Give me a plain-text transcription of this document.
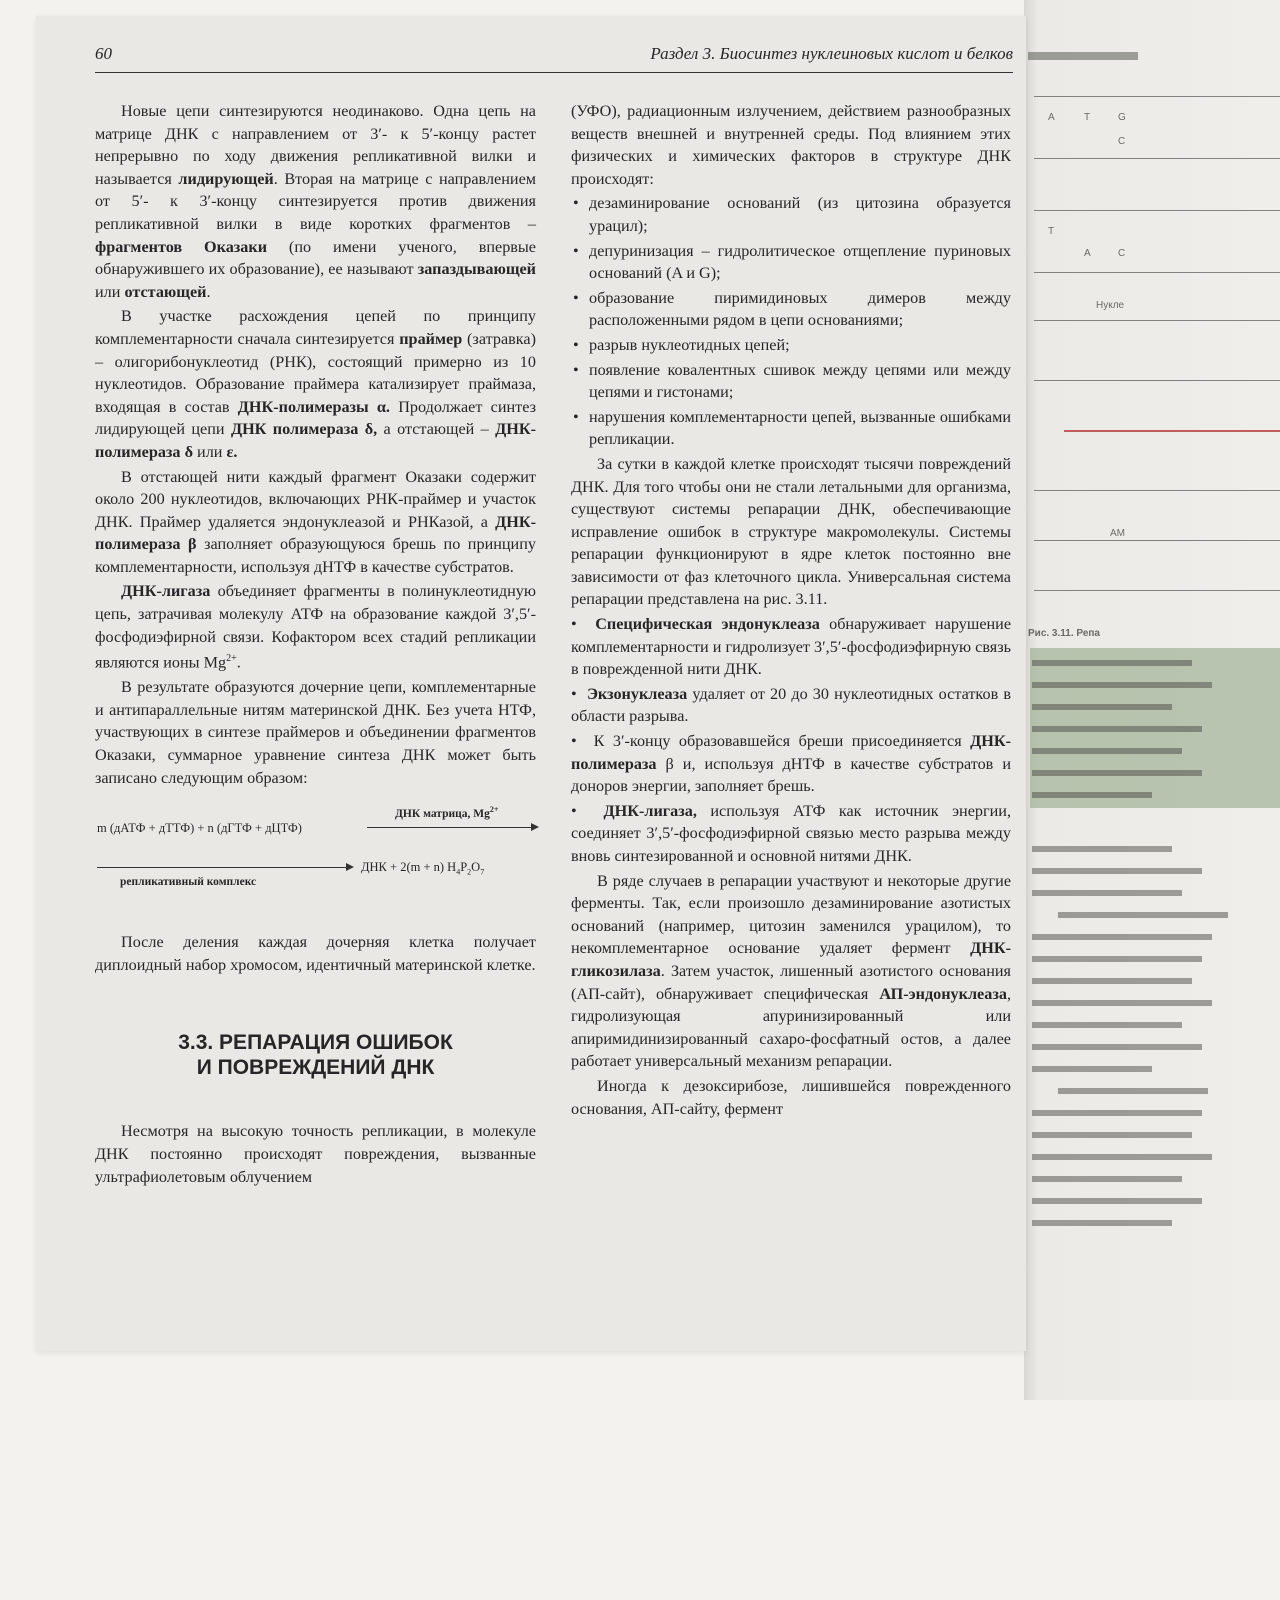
A	T	G
C
T
A	C
Нукле
АМ
Рис. 3.11. Репа
60	Раздел 3. Биосинтез нуклеиновых кислот и белков

Новые цепи синтезируются неодинаково. Одна цепь на матрице ДНК с направлением от 3′- к 5′-концу растет непрерывно по ходу движения репликативной вилки и называется лидирующей. Вторая на матрице с направлением от 5′- к 3′-концу синтезируется против движения репликативной вилки в виде коротких фрагментов – фрагментов Оказаки (по имени ученого, впервые обнаружившего их образование), ее называют запаздывающей или отстающей.

В участке расхождения цепей по принципу комплементарности сначала синтезируется праймер (затравка) – олигорибонуклеотид (РНК), состоящий примерно из 10 нуклеотидов. Образование праймера катализирует праймаза, входящая в состав ДНК-полимеразы α. Продолжает синтез лидирующей цепи ДНК полимераза δ, а отстающей – ДНК-полимераза δ или ε.

В отстающей нити каждый фрагмент Оказаки содержит около 200 нуклеотидов, включающих РНК-праймер и участок ДНК. Праймер удаляется эндонуклеазой и РНКазой, а ДНК-полимераза β заполняет образующуюся брешь по принципу комплементарности, используя дНТФ в качестве субстратов.

ДНК-лигаза объединяет фрагменты в полинуклеотидную цепь, затрачивая молекулу АТФ на образование каждой 3′,5′-фосфодиэфирной связи. Кофактором всех стадий репликации являются ионы $Mg^{2+}$.

В результате образуются дочерние цепи, комплементарные и антипараллельные нитям материнской ДНК. Без учета НТФ, участвующих в синтезе праймеров и объединении фрагментов Оказаки, суммарное уравнение синтеза ДНК может быть записано следующим образом:

ДНК матрица, $Mg^{2+}$
m (дАТФ + дТТФ) + n (дГТФ + дЦТФ)
ДНК + 2(m + n) $H_4P_2O_7$
репликативный комплекс

После деления каждая дочерняя клетка получает диплоидный набор хромосом, идентичный материнской клетке.

3.3. РЕПАРАЦИЯ ОШИБОК
И ПОВРЕЖДЕНИЙ ДНК

Несмотря на высокую точность репликации, в молекуле ДНК постоянно происходят повреждения, вызванные ультрафиолетовым облучением

(УФО), радиационным излучением, действием разнообразных веществ внешней и внутренней среды. Под влиянием этих физических и химических факторов в структуре ДНК происходят:

• дезаминирование оснований (из цитозина образуется урацил);

• депуринизация – гидролитическое отщепление пуриновых оснований (A и G);

• образование пиримидиновых димеров между расположенными рядом в цепи основаниями;

• разрыв нуклеотидных цепей;

• появление ковалентных сшивок между цепями или между цепями и гистонами;

• нарушения комплементарности цепей, вызванные ошибками репликации.

За сутки в каждой клетке происходят тысячи повреждений ДНК. Для того чтобы они не стали летальными для организма, существуют системы репарации ДНК, обеспечивающие исправление ошибок в структуре макромолекулы. Системы репарации функционируют в ядре клеток постоянно вне зависимости от фаз клеточного цикла. Универсальная система репарации представлена на рис. 3.11.

•  Специфическая эндонуклеаза обнаруживает нарушение комплементарности и гидролизует 3′,5′-фосфодиэфирную связь в поврежденной нити ДНК.

•  Экзонуклеаза удаляет от 20 до 30 нуклеотидных остатков в области разрыва.

•  К 3′-концу образовавшейся бреши присоединяется ДНК-полимераза β и, используя дНТФ в качестве субстратов и доноров энергии, заполняет брешь.

•  ДНК-лигаза, используя АТФ как источник энергии, соединяет 3′,5′-фосфодиэфирной связью место разрыва между вновь синтезированной и основной нитями ДНК.

В ряде случаев в репарации участвуют и некоторые другие ферменты. Так, если произошло дезаминирование азотистых оснований (например, цитозин заменился урацилом), то некомплементарное основание удаляет фермент ДНК-гликозилаза. Затем участок, лишенный азотистого основания (АП-сайт), обнаруживает специфическая АП-эндонуклеаза, гидролизующая апуринизированный или апиримидинизированный сахаро-фосфатный остов, а далее работает универсальный механизм репарации.

Иногда к дезоксирибозе, лишившейся поврежденного основания, АП-сайту, фермент
